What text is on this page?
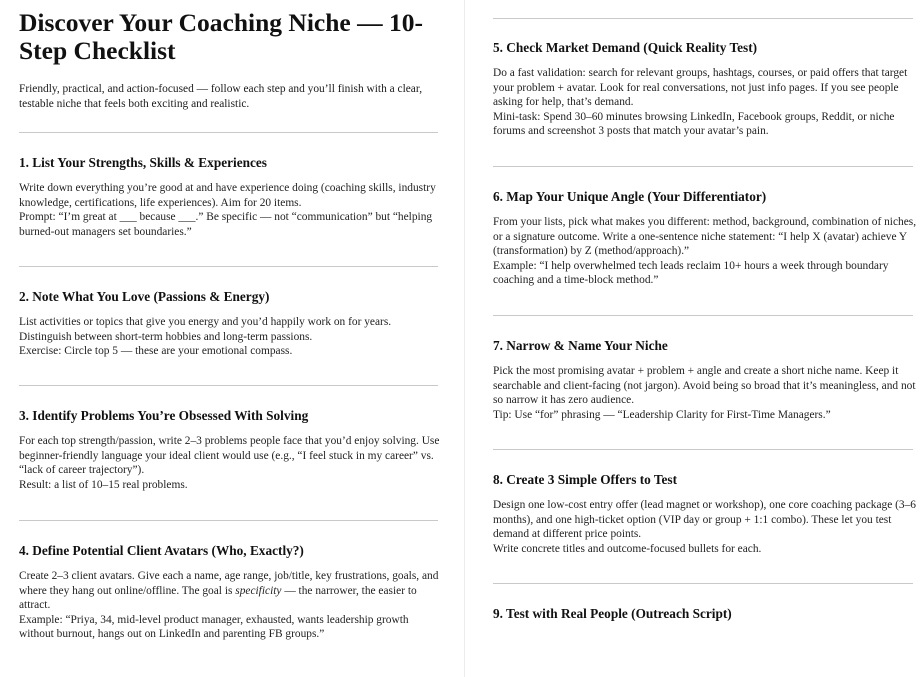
Discover Your Coaching Niche — 10-Step Checklist

Friendly, practical, and action-focused — follow each step and you’ll finish with a clear, testable niche that feels both exciting and realistic.

1. List Your Strengths, Skills & Experiences

Write down everything you’re good at and have experience doing (coaching skills, industry knowledge, certifications, life experiences). Aim for 20 items.

Prompt: “I’m great at ___ because ___.” Be specific — not “communication” but “helping burned-out managers set boundaries.”

2. Note What You Love (Passions & Energy)

List activities or topics that give you energy and you’d happily work on for years. Distinguish between short-term hobbies and long-term passions.

Exercise: Circle top 5 — these are your emotional compass.

3. Identify Problems You’re Obsessed With Solving

For each top strength/passion, write 2–3 problems people face that you’d enjoy solving. Use beginner-friendly language your ideal client would use (e.g., “I feel stuck in my career” vs. “lack of career trajectory”).

Result: a list of 10–15 real problems.

4. Define Potential Client Avatars (Who, Exactly?)

Create 2–3 client avatars. Give each a name, age range, job/title, key frustrations, goals, and where they hang out online/offline. The goal is specificity — the narrower, the easier to attract.

Example: “Priya, 34, mid-level product manager, exhausted, wants leadership growth without burnout, hangs out on LinkedIn and parenting FB groups.”

5. Check Market Demand (Quick Reality Test)

Do a fast validation: search for relevant groups, hashtags, courses, or paid offers that target your problem + avatar. Look for real conversations, not just info pages. If you see people asking for help, that’s demand.

Mini-task: Spend 30–60 minutes browsing LinkedIn, Facebook groups, Reddit, or niche forums and screenshot 3 posts that match your avatar’s pain.

6. Map Your Unique Angle (Your Differentiator)

From your lists, pick what makes you different: method, background, combination of niches, or a signature outcome. Write a one-sentence niche statement: “I help X (avatar) achieve Y (transformation) by Z (method/approach).”

Example: “I help overwhelmed tech leads reclaim 10+ hours a week through boundary coaching and a time-block method.”

7. Narrow & Name Your Niche

Pick the most promising avatar + problem + angle and create a short niche name. Keep it searchable and client-facing (not jargon). Avoid being so broad that it’s meaningless, and not so narrow it has zero audience.

Tip: Use “for” phrasing — “Leadership Clarity for First-Time Managers.”

8. Create 3 Simple Offers to Test

Design one low-cost entry offer (lead magnet or workshop), one core coaching package (3–6 months), and one high-ticket option (VIP day or group + 1:1 combo). These let you test demand at different price points.

Write concrete titles and outcome-focused bullets for each.

9. Test with Real People (Outreach Script)
